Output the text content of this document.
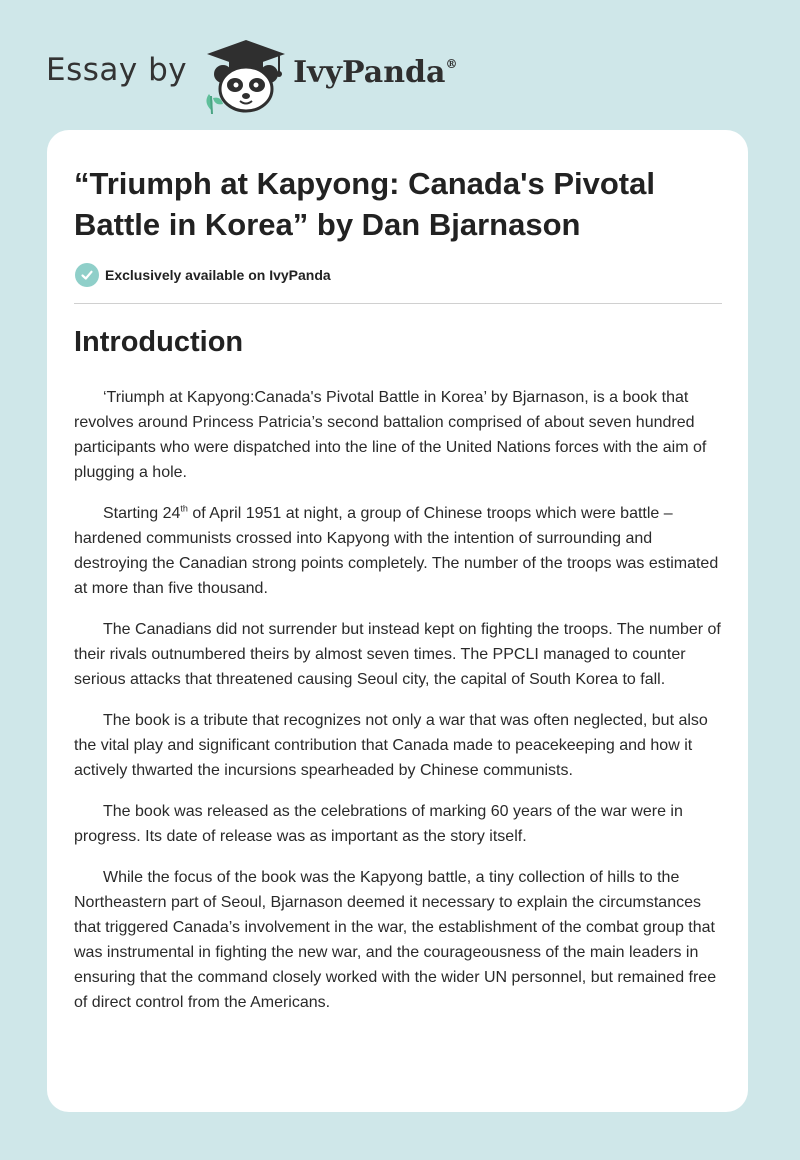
Essay by	IvyPanda®
“Triumph at Kapyong: Canada's Pivotal Battle in Korea” by Dan Bjarnason
Exclusively available on IvyPanda
Introduction

‘Triumph at Kapyong:Canada's Pivotal Battle in Korea’ by Bjarnason, is a book that revolves around Princess Patricia’s second battalion comprised of about seven hundred participants who were dispatched into the line of the United Nations forces with the aim of plugging a hole.

Starting 24th of April 1951 at night, a group of Chinese troops which were battle – hardened communists crossed into Kapyong with the intention of surrounding and destroying the Canadian strong points completely. The number of the troops was estimated at more than five thousand.

The Canadians did not surrender but instead kept on fighting the troops. The number of their rivals outnumbered theirs by almost seven times. The PPCLI managed to counter serious attacks that threatened causing Seoul city, the capital of South Korea to fall.

The book is a tribute that recognizes not only a war that was often neglected, but also the vital play and significant contribution that Canada made to peacekeeping and how it actively thwarted the incursions spearheaded by Chinese communists.

The book was released as the celebrations of marking 60 years of the war were in progress. Its date of release was as important as the story itself.

While the focus of the book was the Kapyong battle, a tiny collection of hills to the Northeastern part of Seoul, Bjarnason deemed it necessary to explain the circumstances that triggered Canada’s involvement in the war, the establishment of the combat group that was instrumental in fighting the new war, and the courageousness of the main leaders in ensuring that the command closely worked with the wider UN personnel, but remained free of direct control from the Americans.
